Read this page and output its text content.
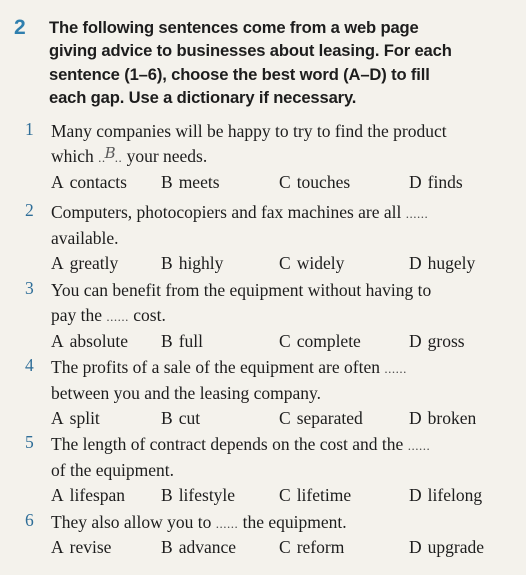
2 The following sentences come from a web page
giving advice to businesses about leasing. For each
sentence (1–6), choose the best word (A–D) to fill
each gap. Use a dictionary if necessary.
1 Many companies will be happy to try to find the product
which ..B.. your needs.
A contacts B meets	C touches	D finds
2 Computers, photocopiers and fax machines are all ......
available.
A greatly B highly	C widely	D hugely
3 You can benefit from the equipment without having to
pay the ...... cost.
A absolute B full	C complete	D gross
4 The profits of a sale of the equipment are often ......
between you and the leasing company.
A split	B cut	C separated	D broken
5 The length of contract depends on the cost and the ......
of the equipment.
A lifespan B lifestyle	C lifetime	D lifelong
6 They also allow you to ...... the equipment.
A revise	B advance C reform	D upgrade
